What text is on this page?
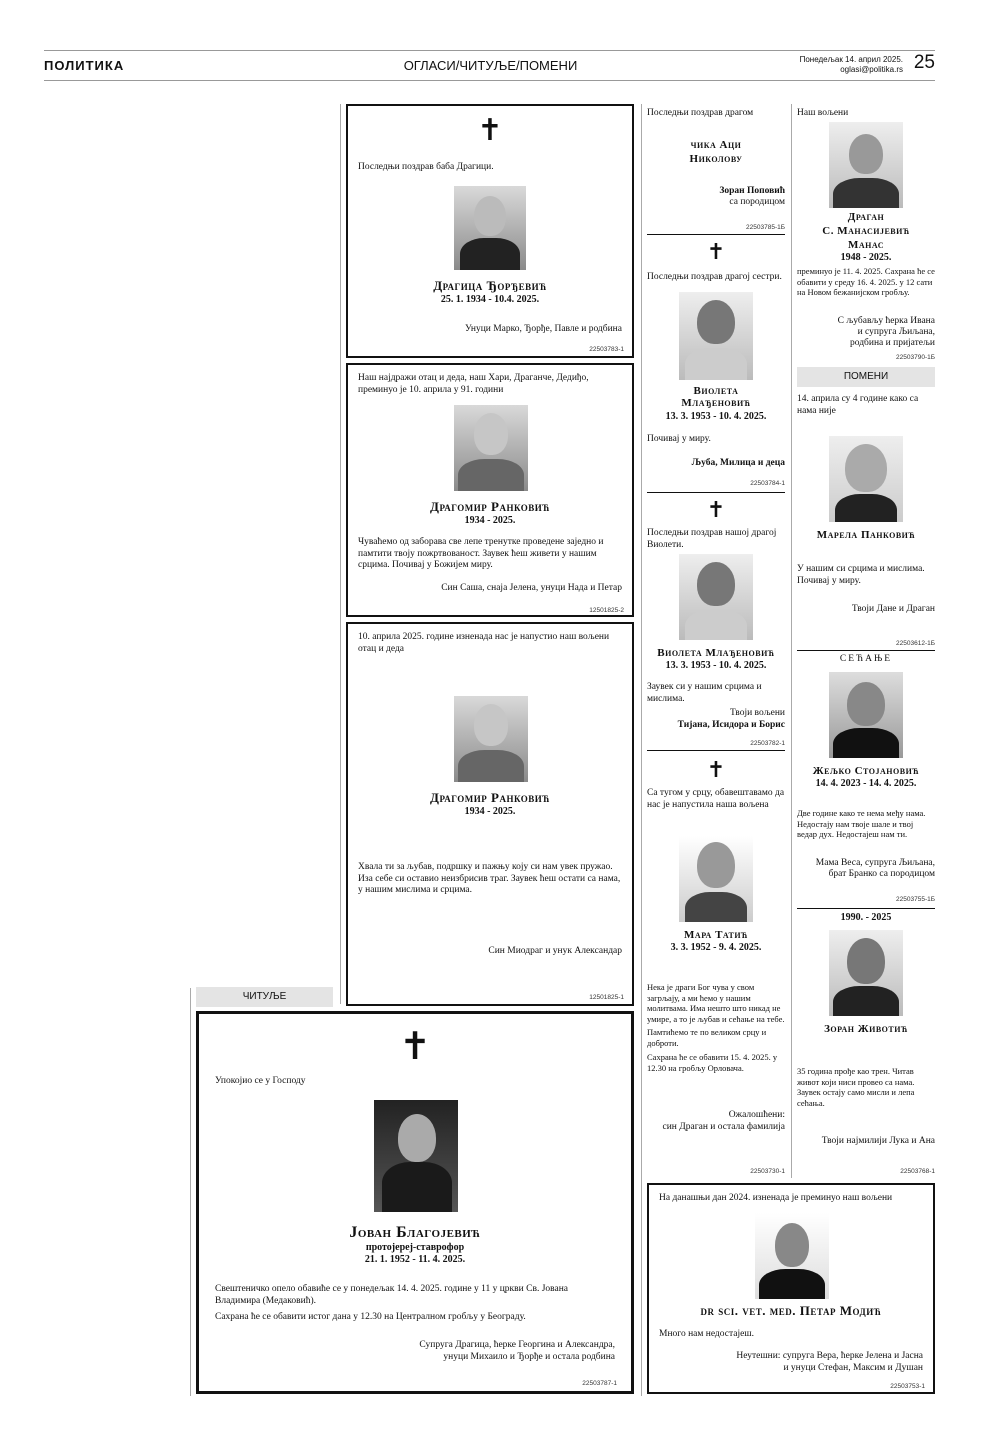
ПОЛИТИКА	ОГЛАСИ/ЧИТУЉЕ/ПОМЕНИ	Понедељак 14. април 2025.
oglasi@politika.rs 25
✝
Последњи поздрав баба Драгици.
Драгица Ђорђевић
25. 1. 1934 - 10.4. 2025.
Унуци Марко, Ђорђе, Павле и родбина
22503783-1
Наш најдражи отац и деда, наш Хари, Драганче, Дедиђо, преминуо је 10. априла у 91. години
Драгомир Ранковић
1934 - 2025.
Чуваћемо од заборава све лепе тренутке проведене заједно и памтити твоју пожртвованост. Заувек ћеш живети у нашим срцима. Почивај у Божијем миру.
Син Саша, снаја Јелена, унуци Нада и Петар
12501825-2
10. априла 2025. године изненада нас је напустио наш вољени отац и деда
Драгомир Ранковић
1934 - 2025.
Хвала ти за љубав, подршку и пажњу коју си нам увек пружао. Иза себе си оставио неизбрисив траг. Заувек ћеш остати са нама, у нашим мислима и срцима.
Син Миодраг и унук Александар
12501825-1
ЧИТУЉЕ
✝
Упокојио се у Господу
Јован Благојевић
протојереј-ставрофор
21. 1. 1952 - 11. 4. 2025.
Свештеничко опело обавиће се у понедељак 14. 4. 2025. године у 11 у цркви Св. Јована Владимира (Медаковић).
Сахрана ће се обавити истог дана у 12.30 на Централном гробљу у Београду.
Супруга Драгица, ћерке Георгина и Александра,
унуци Михаило и Ђорђе и остала родбина
22503787-1
Последњи поздрав драгом
чика Аци
Николову
Зоран Поповић
са породицом
22503785-1Б
✝
Последњи поздрав драгој сестри.
Виолета
Млађеновић
13. 3. 1953 - 10. 4. 2025.
Почивај у миру.
Љуба, Милица и деца
22503784-1
✝
Последњи поздрав нашој драгој Виолети.
Виолета Млађеновић
13. 3. 1953 - 10. 4. 2025.
Заувек си у нашим срцима и мислима.
Твоји вољени
Тијана, Исидора и Борис
22503782-1
✝
Са тугом у срцу, обавештавамо да нас је напустила наша вољена
Мара Татић
3. 3. 1952 - 9. 4. 2025.
Нека је драги Бог чува у свом загрљају, а ми ћемо у нашим молитвама. Има нешто што никад не умире, а то је љубав и сећање на тебе.
Памтићемо те по великом срцу и доброти.
Сахрана ће се обавити 15. 4. 2025. у 12.30 на гробљу Орловача.
Ожалошћени:
син Драган и остала фамилија
22503730-1
Наш вољени
Драган
С. Манасијевић
Манас
1948 - 2025.
преминуо је 11. 4. 2025. Сахрана ће се обавити у среду 16. 4. 2025. у 12 сати на Новом бежанијском гробљу.
С љубављу ћерка Ивана
и супруга Љиљана,
родбина и пријатељи
22503790-1Б
ПОМЕНИ
14. априла су 4 године како са нама није
Марела Панковић
У нашим си срцима и мислима. Почивај у миру.
Твоји Дане и Драган
22503612-1Б
СЕЋАЊЕ
Жељко Стојановић
14. 4. 2023 - 14. 4. 2025.
Две године како те нема међу нама. Недостају нам твоје шале и твој ведар дух. Недостајеш нам ти.
Мама Веса, супруга Љиљана,
брат Бранко са породицом
22503755-1Б
1990. - 2025
Зоран Животић
35 година прође као трен. Читав живот који ниси провео са нама. Заувек остају само мисли и лепа сећања.
Твоји најмилији Лука и Ана
22503768-1
На данашњи дан 2024. изненада је преминуо наш вољени
dr sci. vet. med. Петар Модић
Много нам недостајеш.
Неутешни: супруга Вера, ћерке Јелена и Јасна
и унуци Стефан, Максим и Душан
22503753-1
